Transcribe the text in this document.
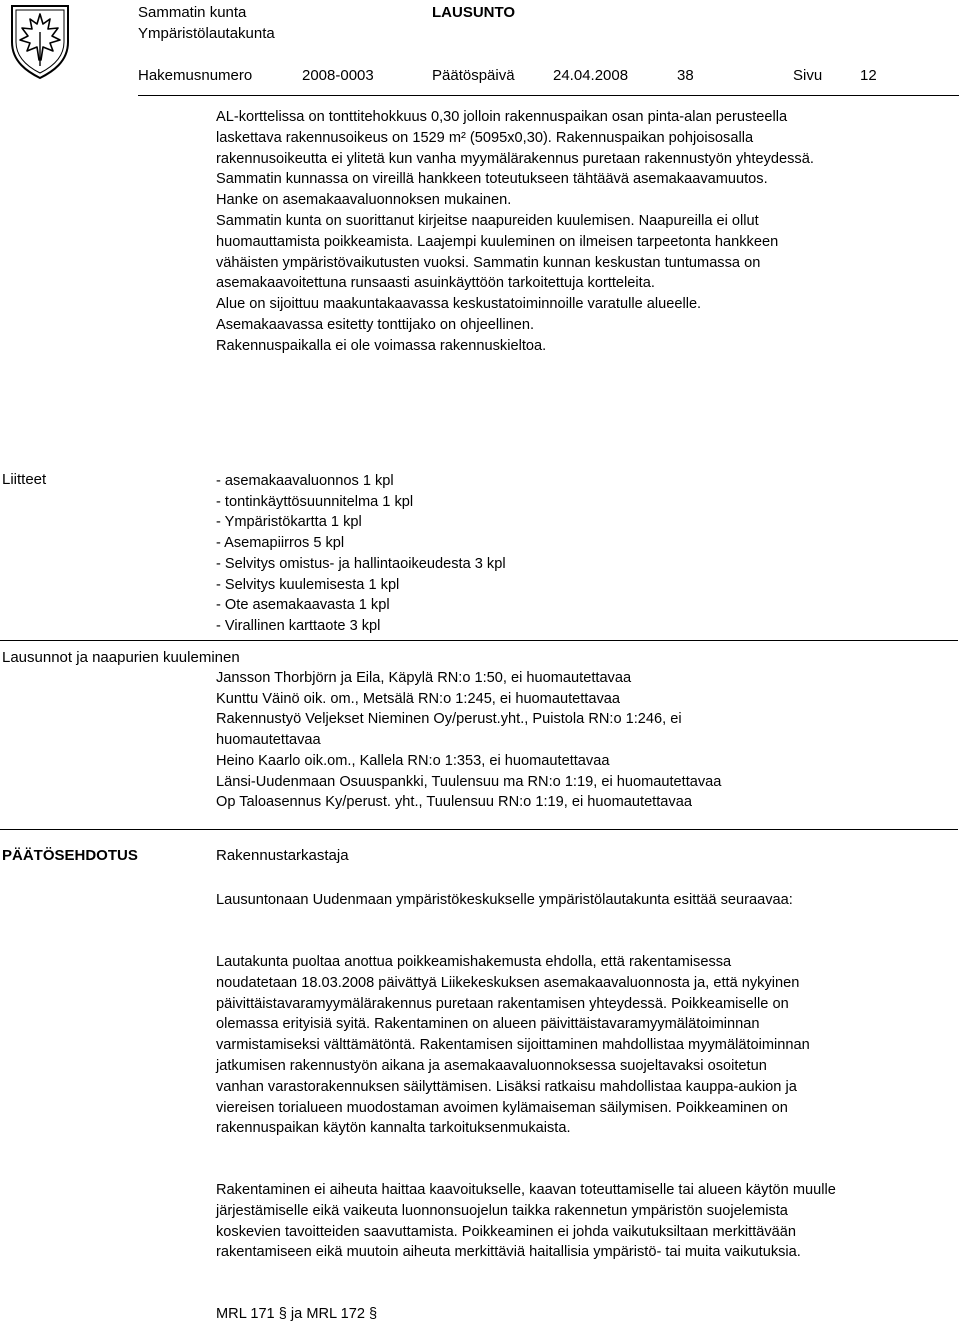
Sammatin kunta
Ympäristölautakunta
LAUSUNTO
Hakemusnumero	2008-0003	Päätöspäivä	24.04.2008	38	Sivu	12

AL-korttelissa on tonttitehokkuus 0,30 jolloin rakennuspaikan osan pinta-alan perusteella laskettava rakennusoikeus on 1529 m² (5095x0,30). Rakennuspaikan pohjoisosalla rakennusoikeutta ei ylitetä kun vanha myymälärakennus puretaan rakennustyön yhteydessä.

Sammatin kunnassa on vireillä hankkeen toteutukseen tähtäävä asemakaavamuutos.

Hanke on asemakaavaluonnoksen mukainen.

Sammatin kunta on suorittanut kirjeitse naapureiden kuulemisen. Naapureilla ei ollut huomauttamista poikkeamista. Laajempi kuuleminen on ilmeisen tarpeetonta hankkeen vähäisten ympäristövaikutusten vuoksi. Sammatin kunnan keskustan tuntumassa on asemakaavoitettuna runsaasti asuinkäyttöön tarkoitettuja kortteleita.

Alue on sijoittuu maakuntakaavassa keskustatoiminnoille varatulle alueelle.

Asemakaavassa esitetty tonttijako on ohjeellinen.

Rakennuspaikalla ei ole voimassa rakennuskieltoa.

Liitteet	- asemakaavaluonnos 1 kpl
- tontinkäyttösuunnitelma 1 kpl
- Ympäristökartta 1 kpl
- Asemapiirros 5 kpl
- Selvitys omistus- ja hallintaoikeudesta 3 kpl
- Selvitys kuulemisesta 1 kpl
- Ote asemakaavasta 1 kpl
- Virallinen karttaote 3 kpl
Lausunnot ja naapurien kuuleminen
Jansson Thorbjörn ja Eila, Käpylä RN:o 1:50, ei huomautettavaa
Kunttu Väinö oik. om., Metsälä RN:o 1:245, ei huomautettavaa
Rakennustyö Veljekset Nieminen Oy/perust.yht., Puistola RN:o 1:246, ei
huomautettavaa
Heino Kaarlo oik.om., Kallela RN:o 1:353, ei huomautettavaa
Länsi-Uudenmaan Osuuspankki, Tuulensuu ma RN:o 1:19, ei huomautettavaa
Op Taloasennus Ky/perust. yht., Tuulensuu RN:o 1:19, ei huomautettavaa
PÄÄTÖSEHDOTUS	Rakennustarkastaja
Lausuntonaan Uudenmaan ympäristökeskukselle ympäristölautakunta esittää seuraavaa:
Lautakunta puoltaa anottua poikkeamishakemusta ehdolla, että rakentamisessa noudatetaan 18.03.2008 päivättyä Liikekeskuksen asemakaavaluonnosta ja, että nykyinen päivittäistavaramyymälärakennus puretaan rakentamisen yhteydessä. Poikkeamiselle on olemassa erityisiä syitä. Rakentaminen on alueen päivittäistavaramyymälätoiminnan varmistamiseksi välttämätöntä. Rakentamisen sijoittaminen mahdollistaa myymälätoiminnan jatkumisen rakennustyön aikana ja asemakaavaluonnoksessa suojeltavaksi osoitetun vanhan varastorakennuksen säilyttämisen. Lisäksi ratkaisu mahdollistaa kauppa-aukion ja viereisen torialueen muodostaman avoimen kylämaiseman säilymisen. Poikkeaminen on rakennuspaikan käytön kannalta tarkoituksenmukaista.
Rakentaminen ei aiheuta haittaa kaavoitukselle, kaavan toteuttamiselle tai alueen käytön muulle järjestämiselle eikä vaikeuta luonnonsuojelun taikka rakennetun ympäristön suojelemista koskevien tavoitteiden saavuttamista. Poikkeaminen ei johda vaikutuksiltaan merkittävään rakentamiseen eikä muutoin aiheuta merkittäviä haitallisia ympäristö- tai muita vaikutuksia.
MRL 171 § ja MRL 172 §
